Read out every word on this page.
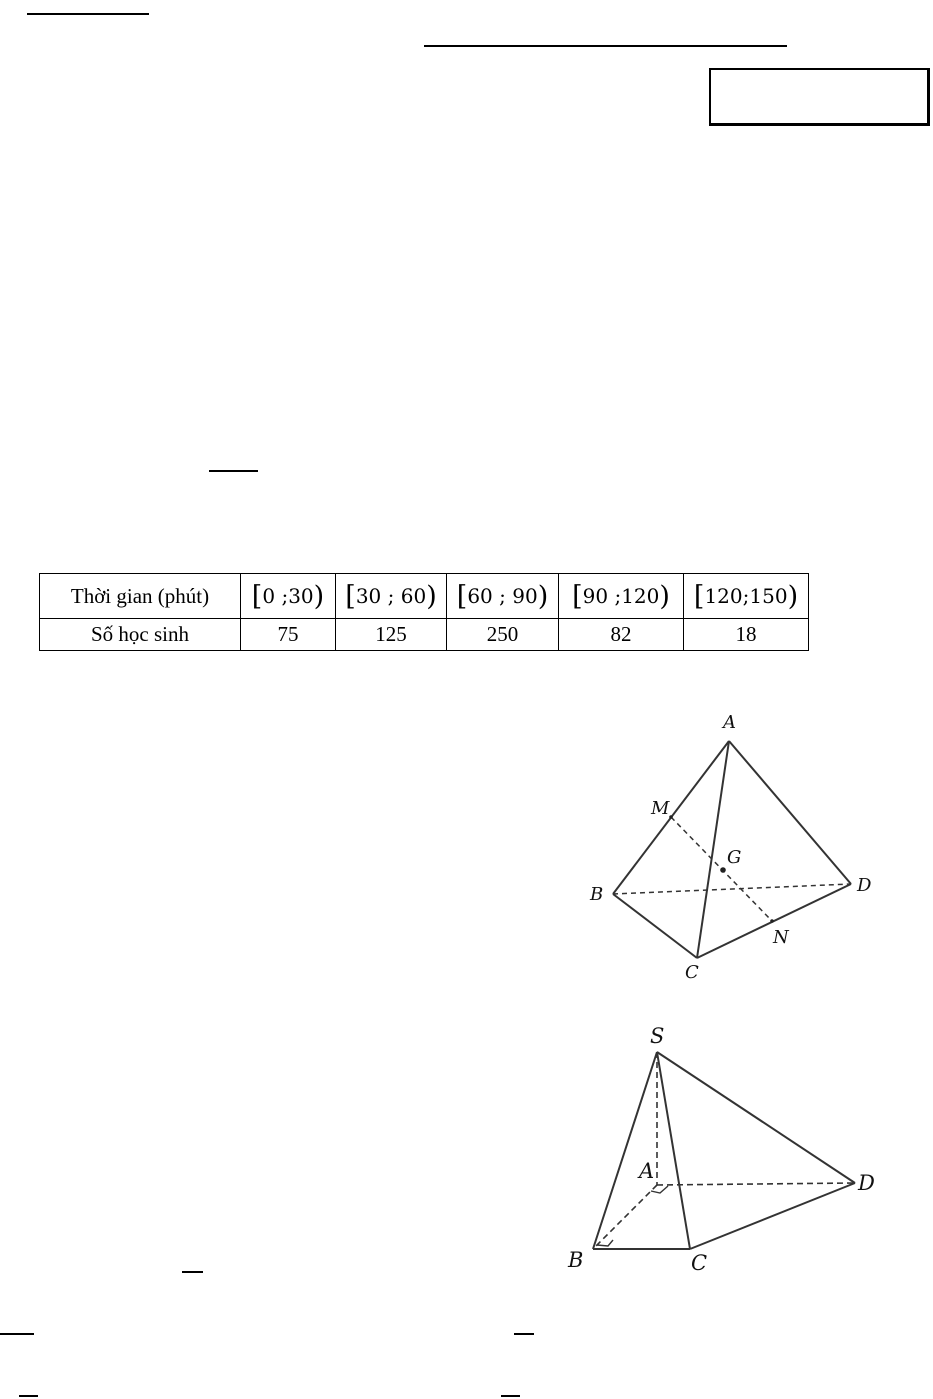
Thời gian (phút)	[0 ;30)	[30 ; 60)	[60 ; 90)	[90 ;120)	[120;150)
Số học sinh	75	125	250	82	18
A
B
C
D
M
N
G
S
A
B	C
D
